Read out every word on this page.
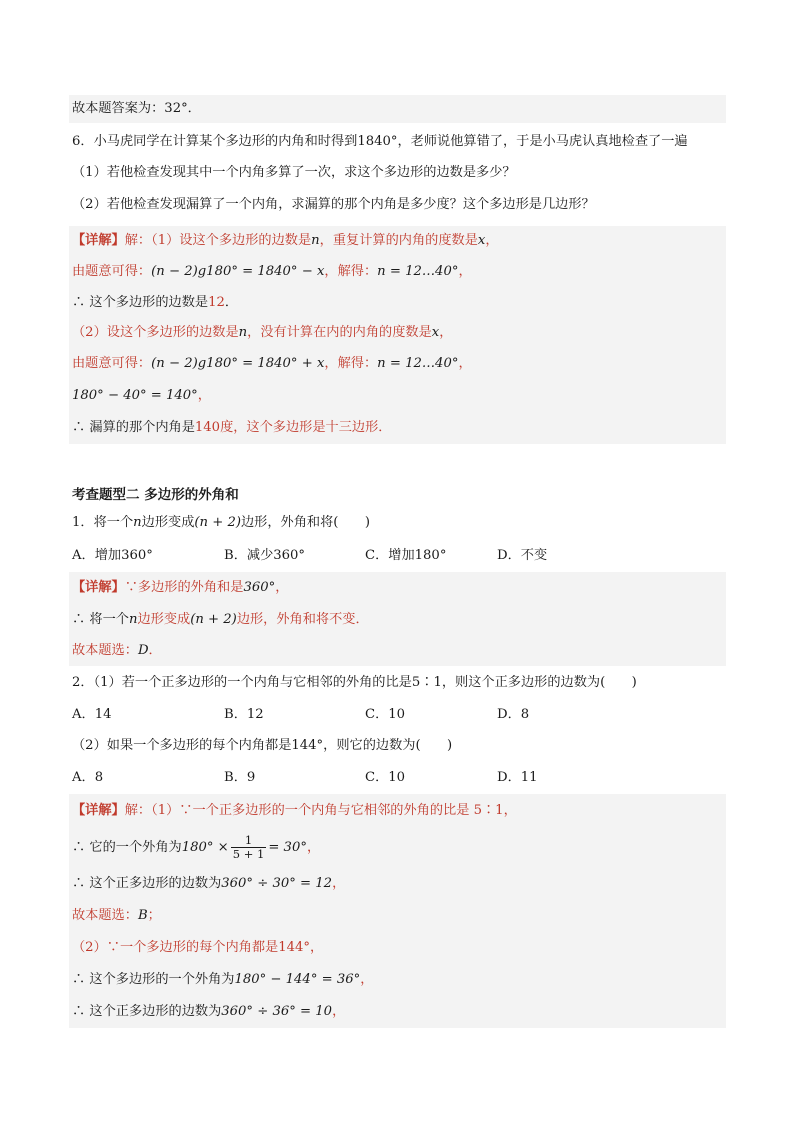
故本题答案为：32°．
6．小马虎同学在计算某个多边形的内角和时得到1840°，老师说他算错了，于是小马虎认真地检查了一遍
（1）若他检查发现其中一个内角多算了一次，求这个多边形的边数是多少？
（2）若他检查发现漏算了一个内角，求漏算的那个内角是多少度？这个多边形是几边形？
【详解】解：（1）设这个多边形的边数是n，重复计算的内角的度数是x，
由题意可得：(n − 2)g180° = 1840° − x，解得：n = 12…40°，
∴ 这个多边形的边数是12．
（2）设这个多边形的边数是n，没有计算在内的内角的度数是x，
由题意可得：(n − 2)g180° = 1840° + x，解得：n = 12…40°，
180° − 40° = 140°，
∴ 漏算的那个内角是140度，这个多边形是十三边形．
考查题型二 多边形的外角和
1．将一个n边形变成(n + 2)边形，外角和将(　　)
A．增加360°	B．减少360°	C．增加180°	D．不变
【详解】∵多边形的外角和是360°，
∴ 将一个n边形变成(n + 2)边形，外角和将不变．
故本题选：D．
2．（1）若一个正多边形的一个内角与它相邻的外角的比是5∶1，则这个正多边形的边数为(　　)
A．14	B．12	C．10	D．8
（2）如果一个多边形的每个内角都是144°，则它的边数为(　　)
A．8	B．9	C．10	D．11
【详解】解：（1）∵一个正多边形的一个内角与它相邻的外角的比是 5∶1，
∴ 它的一个外角为$180^\circ \times \frac{1}{5 + 1} = 30^\circ$，
∴ 这个正多边形的边数为360° ÷ 30° = 12，
故本题选：B；
（2）∵一个多边形的每个内角都是144°，
∴ 这个多边形的一个外角为180° − 144° = 36°，
∴ 这个正多边形的边数为360° ÷ 36° = 10，
